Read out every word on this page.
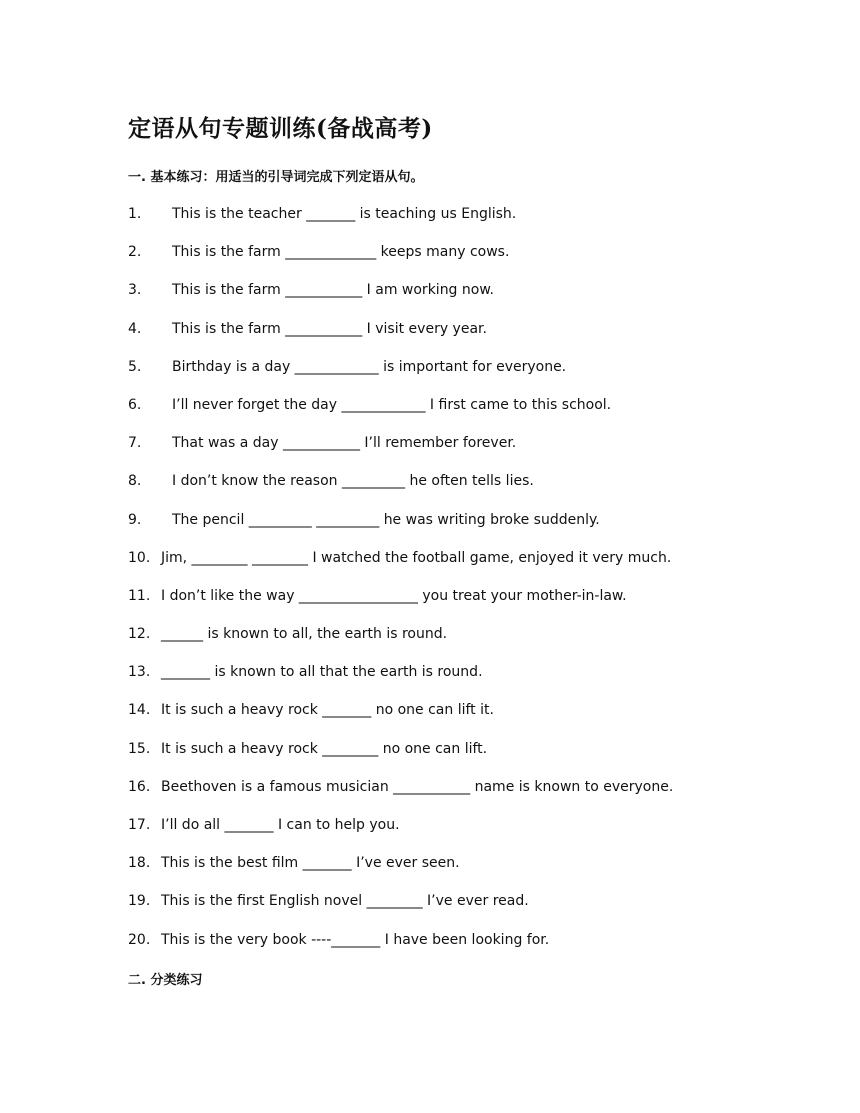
定语从句专题训练(备战高考)
一. 基本练习：用适当的引导词完成下列定语从句。
1.	This is the teacher _______ is teaching us English.
2.	This is the farm _____________ keeps many cows.
3.	This is the farm ___________ I am working now.
4.	This is the farm ___________ I visit every year.
5.	Birthday is a day ____________ is important for everyone.
6.	I’ll never forget the day ____________ I first came to this school.
7.	That was a day ___________ I’ll remember forever.
8.	I don’t know the reason _________ he often tells lies.
9.	The pencil _________ _________ he was writing broke suddenly.
10. Jim, ________ ________ I watched the football game, enjoyed it very much.
11. I don’t like the way _________________ you treat your mother-in-law.
12. ______ is known to all, the earth is round.
13. _______ is known to all that the earth is round.
14. It is such a heavy rock _______ no one can lift it.
15. It is such a heavy rock ________ no one can lift.
16. Beethoven is a famous musician ___________ name is known to everyone.
17. I’ll do all _______ I can to help you.
18. This is the best film _______ I’ve ever seen.
19. This is the first English novel ________ I’ve ever read.
20. This is the very book ----_______ I have been looking for.
二. 分类练习
